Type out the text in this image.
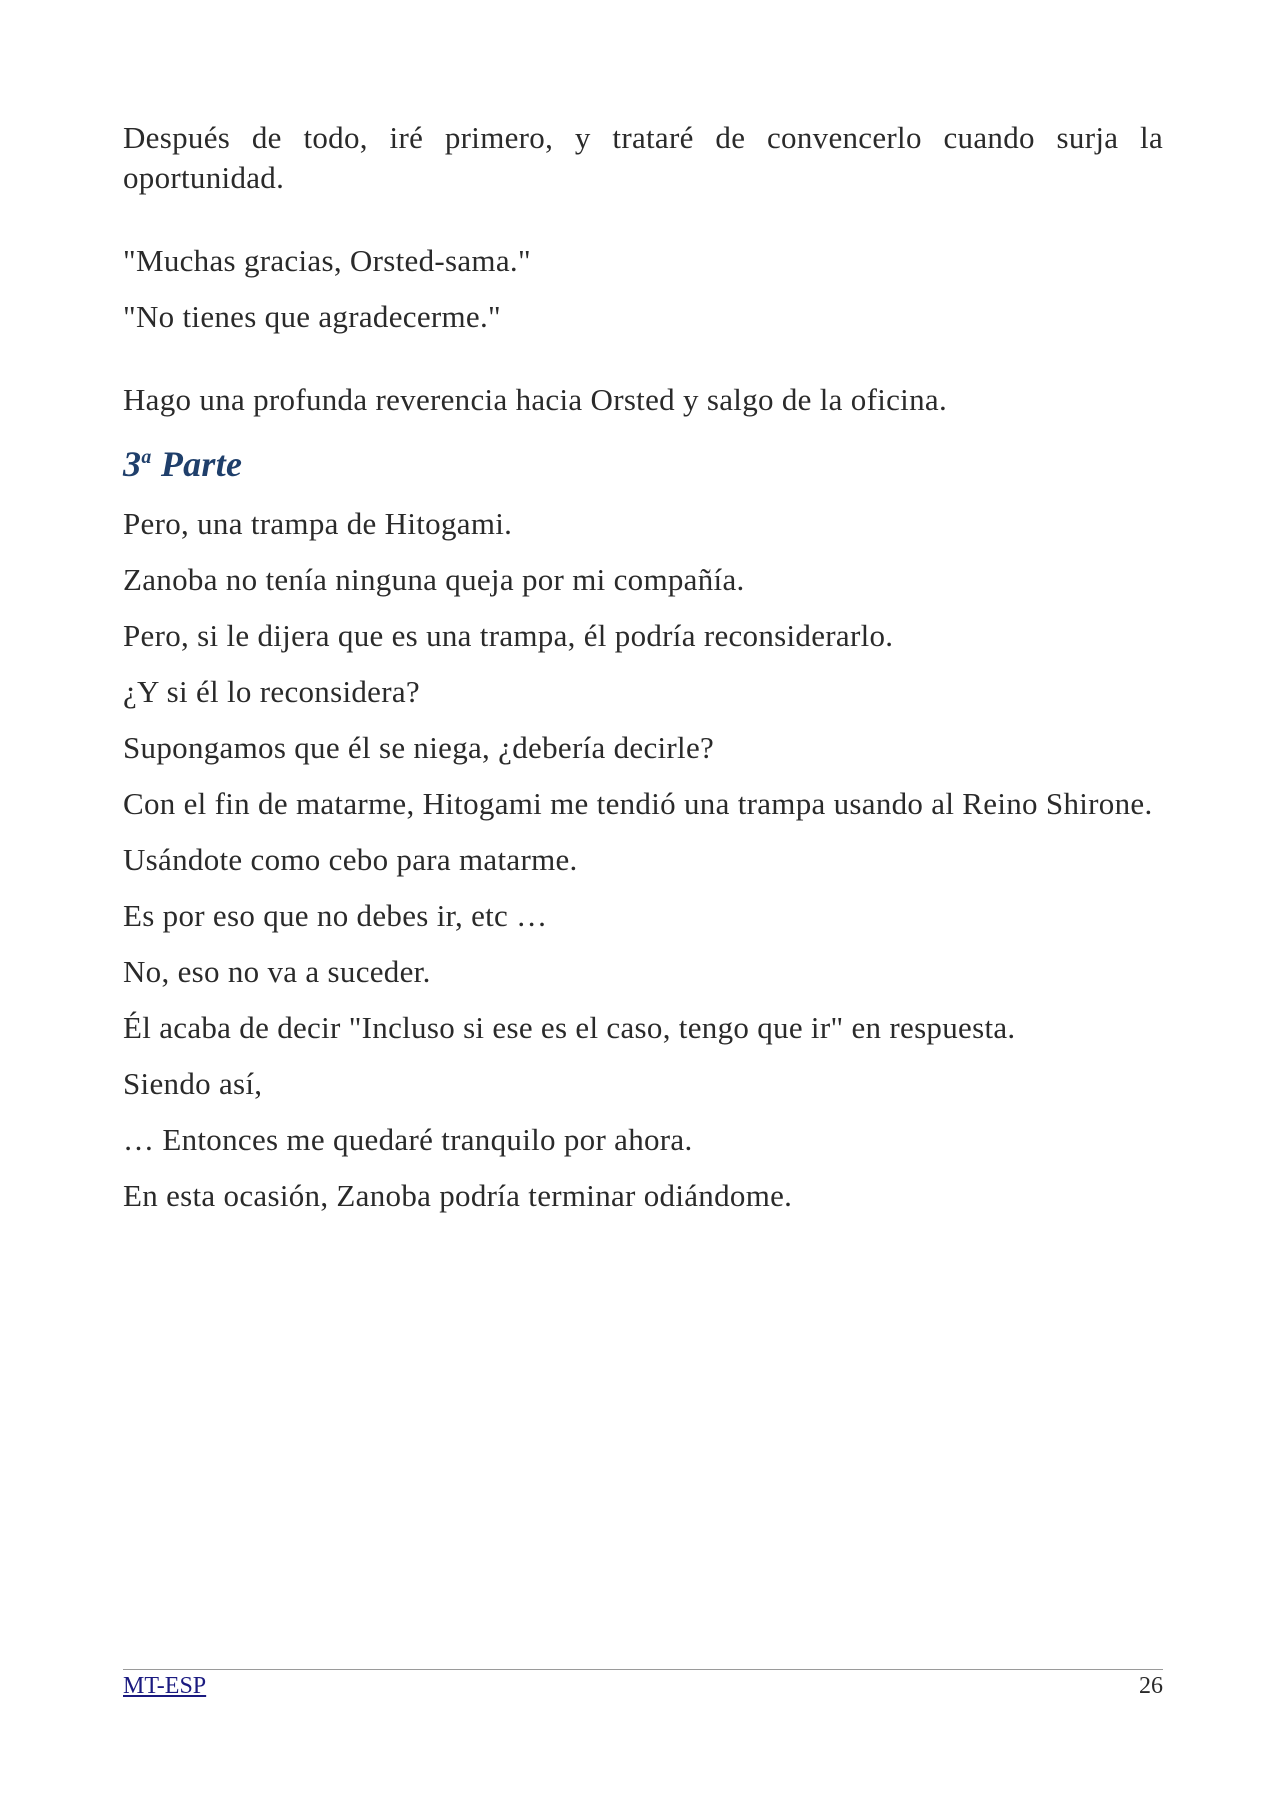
Después de todo, iré primero, y trataré de convencerlo cuando surja la oportunidad.

"Muchas gracias, Orsted-sama."

"No tienes que agradecerme."

Hago una profunda reverencia hacia Orsted y salgo de la oficina.

3$^a$ Parte

Pero, una trampa de Hitogami.

Zanoba no tenía ninguna queja por mi compañía.

Pero, si le dijera que es una trampa, él podría reconsiderarlo.

¿Y si él lo reconsidera?

Supongamos que él se niega, ¿debería decirle?

Con el fin de matarme, Hitogami me tendió una trampa usando al Reino Shirone.

Usándote como cebo para matarme.

Es por eso que no debes ir, etc …

No, eso no va a suceder.

Él acaba de decir "Incluso si ese es el caso, tengo que ir" en respuesta.

Siendo así,

… Entonces me quedaré tranquilo por ahora.

En esta ocasión, Zanoba podría terminar odiándome.

MT-ESP	26
